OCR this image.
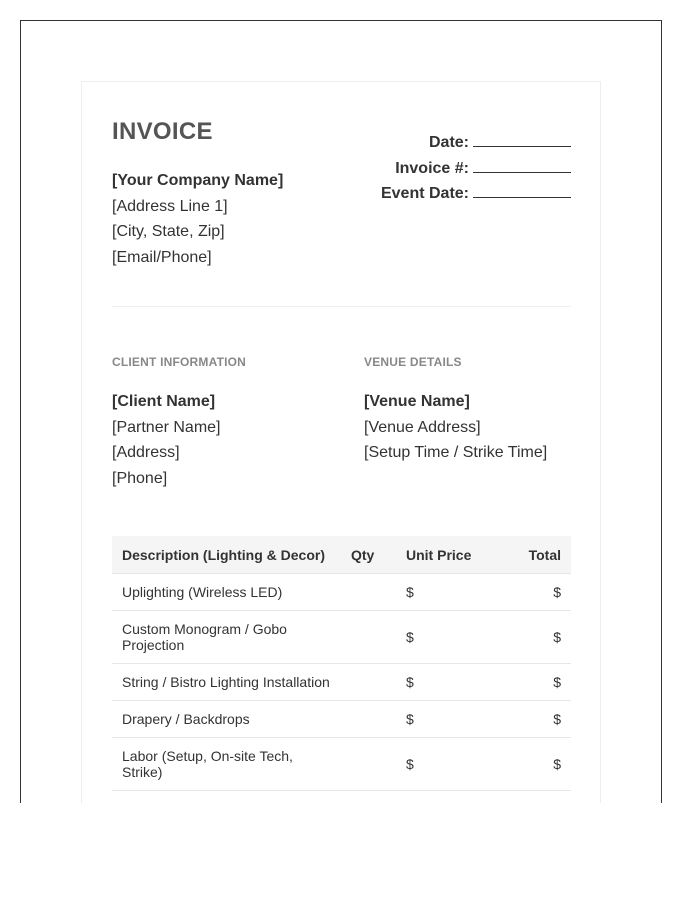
INVOICE
[Your Company Name]
[Address Line 1]
[City, State, Zip]
[Email/Phone]
Date:
Invoice #:
Event Date:
CLIENT INFORMATION	VENUE DETAILS
[Client Name]
[Partner Name]
[Address]
[Phone]
[Venue Name]
[Venue Address]
[Setup Time / Strike Time]
Description (Lighting & Decor)	Qty	Unit Price	Total
Uplighting (Wireless LED)		$	$
Custom Monogram / Gobo Projection		$	$
String / Bistro Lighting Installation		$	$
Drapery / Backdrops		$	$
Labor (Setup, On-site Tech, Strike)		$	$
